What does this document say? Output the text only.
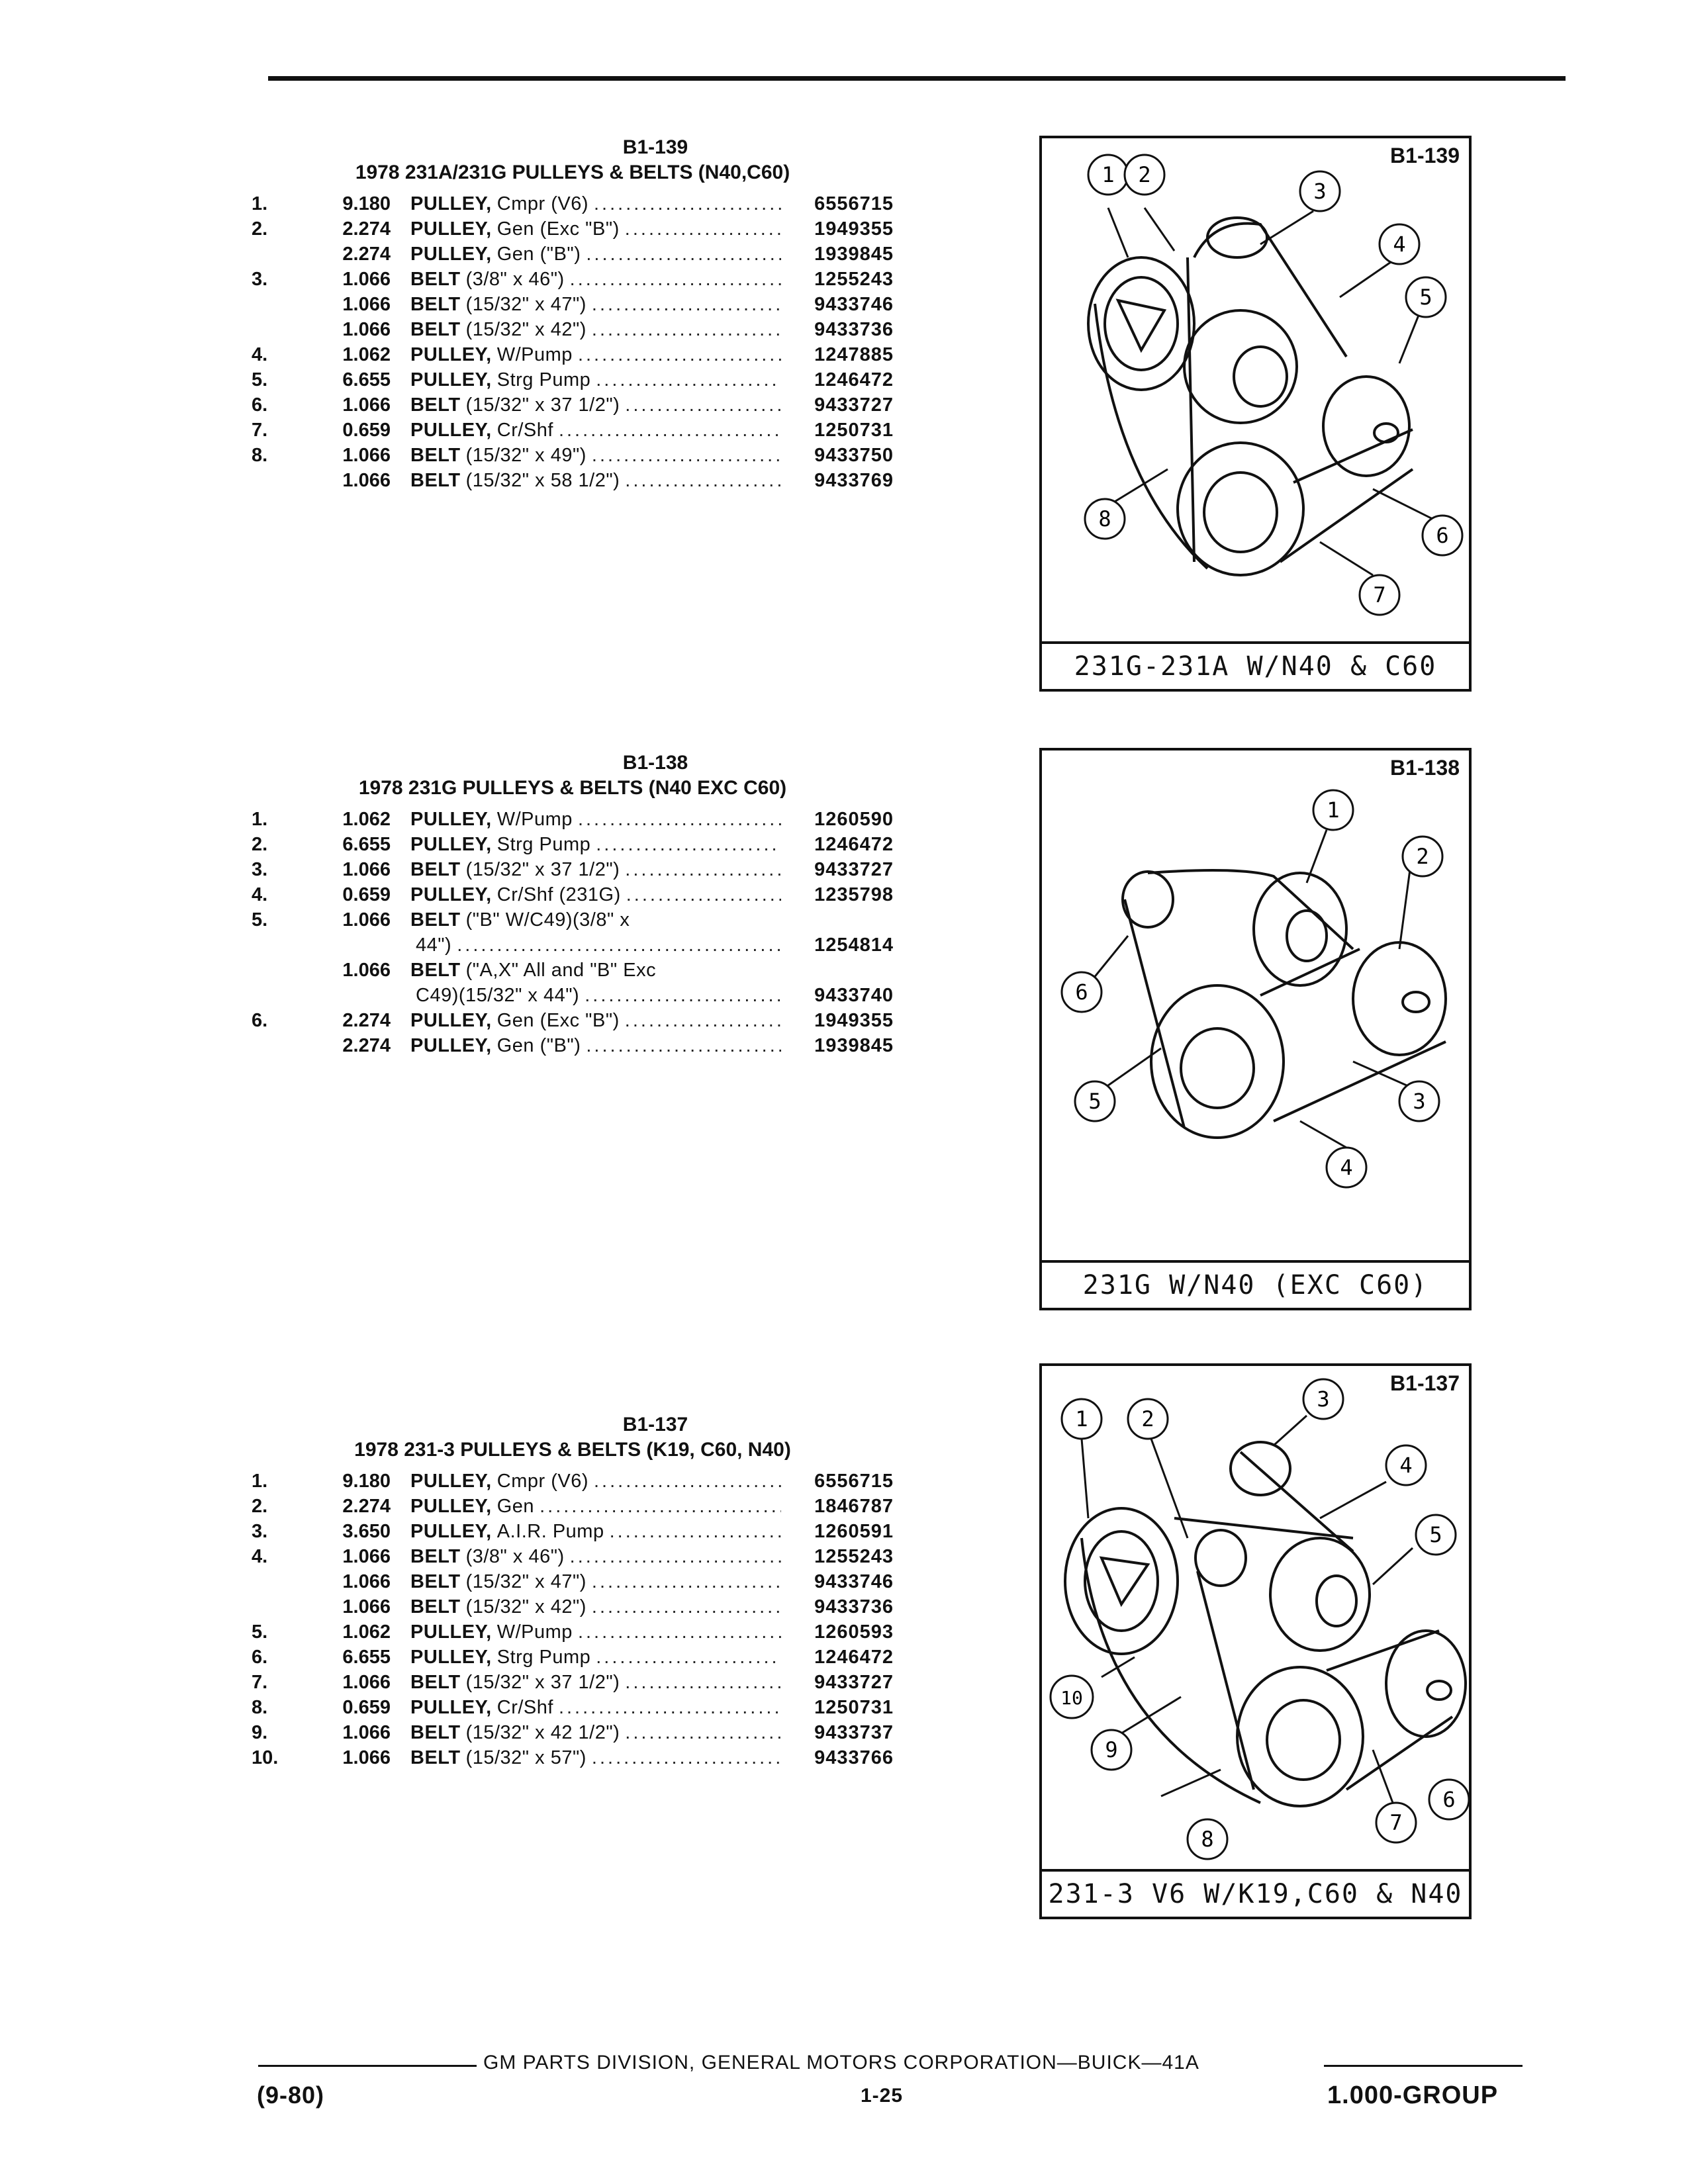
B1-139
1978 231A/231G PULLEYS & BELTS (N40,C60)
1.	9.180	PULLEY, Cmpr (V6) .....	6556715
2.	2.274	PULLEY, Gen (Exc "B") .....	1949355
2.274	PULLEY, Gen ("B") .....	1939845
3.	1.066	BELT (3/8" x 46") .....	1255243
1.066	BELT (15/32" x 47") .....	9433746
1.066	BELT (15/32" x 42") .....	9433736
4.	1.062	PULLEY, W/Pump .....	1247885
5.	6.655	PULLEY, Strg Pump .....	1246472
6.	1.066	BELT (15/32" x 37 1/2") .....	9433727
7.	0.659	PULLEY, Cr/Shf .....	1250731
8.	1.066	BELT (15/32" x 49") .....	9433750
1.066	BELT (15/32" x 58 1/2") .....	9433769
B1-138
1978 231G PULLEYS & BELTS (N40 EXC C60)
1.	1.062	PULLEY, W/Pump .....	1260590
2.	6.655	PULLEY, Strg Pump .....	1246472
3.	1.066	BELT (15/32" x 37 1/2") .....	9433727
4.	0.659	PULLEY, Cr/Shf (231G) .....	1235798
5.	1.066	BELT ("B" W/C49)(3/8" x
44") .....	1254814
1.066	BELT ("A,X" All and "B" Exc
C49)(15/32" x 44") .....	9433740
6.	2.274	PULLEY, Gen (Exc "B") .....	1949355
2.274	PULLEY, Gen ("B") .....	1939845
B1-137
1978 231-3 PULLEYS & BELTS (K19, C60, N40)
1.	9.180	PULLEY, Cmpr (V6) .....	6556715
2.	2.274	PULLEY, Gen .....	1846787
3.	3.650	PULLEY, A.I.R. Pump .....	1260591
4.	1.066	BELT (3/8" x 46") .....	1255243
1.066	BELT (15/32" x 47") .....	9433746
1.066	BELT (15/32" x 42") .....	9433736
5.	1.062	PULLEY, W/Pump .....	1260593
6.	6.655	PULLEY, Strg Pump .....	1246472
7.	1.066	BELT (15/32" x 37 1/2") .....	9433727
8.	0.659	PULLEY, Cr/Shf .....	1250731
9.	1.066	BELT (15/32" x 42 1/2") .....	9433737
10.	1.066	BELT (15/32" x 57") .....	9433766
B1-139
1 2
3
4
5
6
7
8
231G-231A W/N40 & C60
B1-138
1
2
3
4
5
6
231G W/N40 (EXC C60)
B1-137
1	2
3
4
5
6
7
8
9
10
231-3 V6 W/K19,C60 & N40
GM PARTS DIVISION, GENERAL MOTORS CORPORATION—BUICK—41A
(9-80)	1-25	1.000-GROUP
